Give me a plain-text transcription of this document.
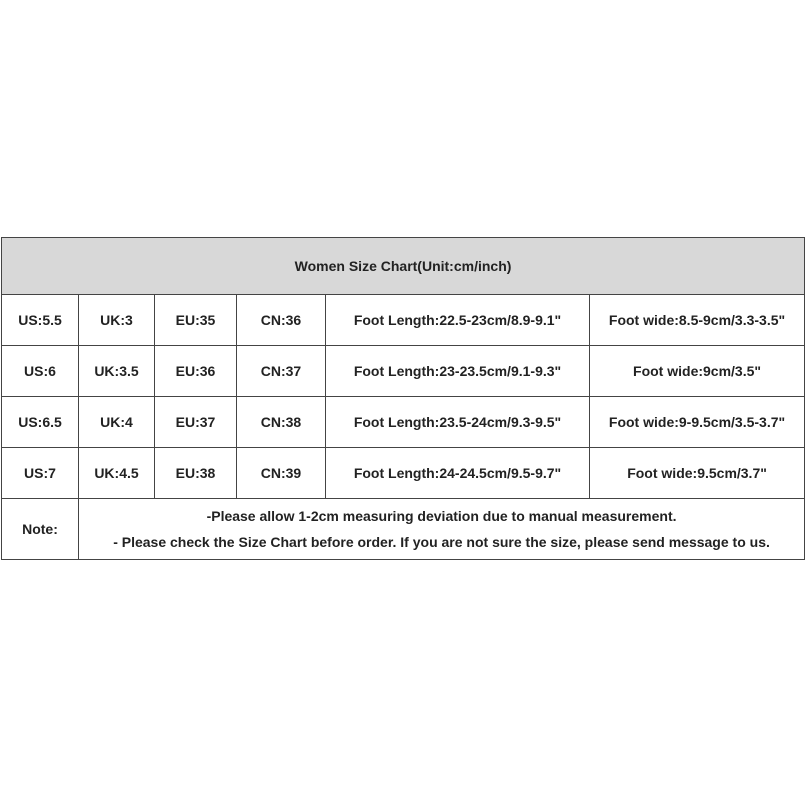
Women Size Chart(Unit:cm/inch)					
US:5.5	UK:3	EU:35	CN:36	Foot Length:22.5-23cm/8.9-9.1"	Foot wide:8.5-9cm/3.3-3.5"
US:6	UK:3.5	EU:36	CN:37	Foot Length:23-23.5cm/9.1-9.3"	Foot wide:9cm/3.5"
US:6.5	UK:4	EU:37	CN:38	Foot Length:23.5-24cm/9.3-9.5"	Foot wide:9-9.5cm/3.5-3.7"
US:7	UK:4.5	EU:38	CN:39	Foot Length:24-24.5cm/9.5-9.7"	Foot wide:9.5cm/3.7"
Note:	-Please allow 1-2cm measuring deviation due to manual measurement.
- Please check the Size Chart before order. If you are not sure the size, please send message to us.				
